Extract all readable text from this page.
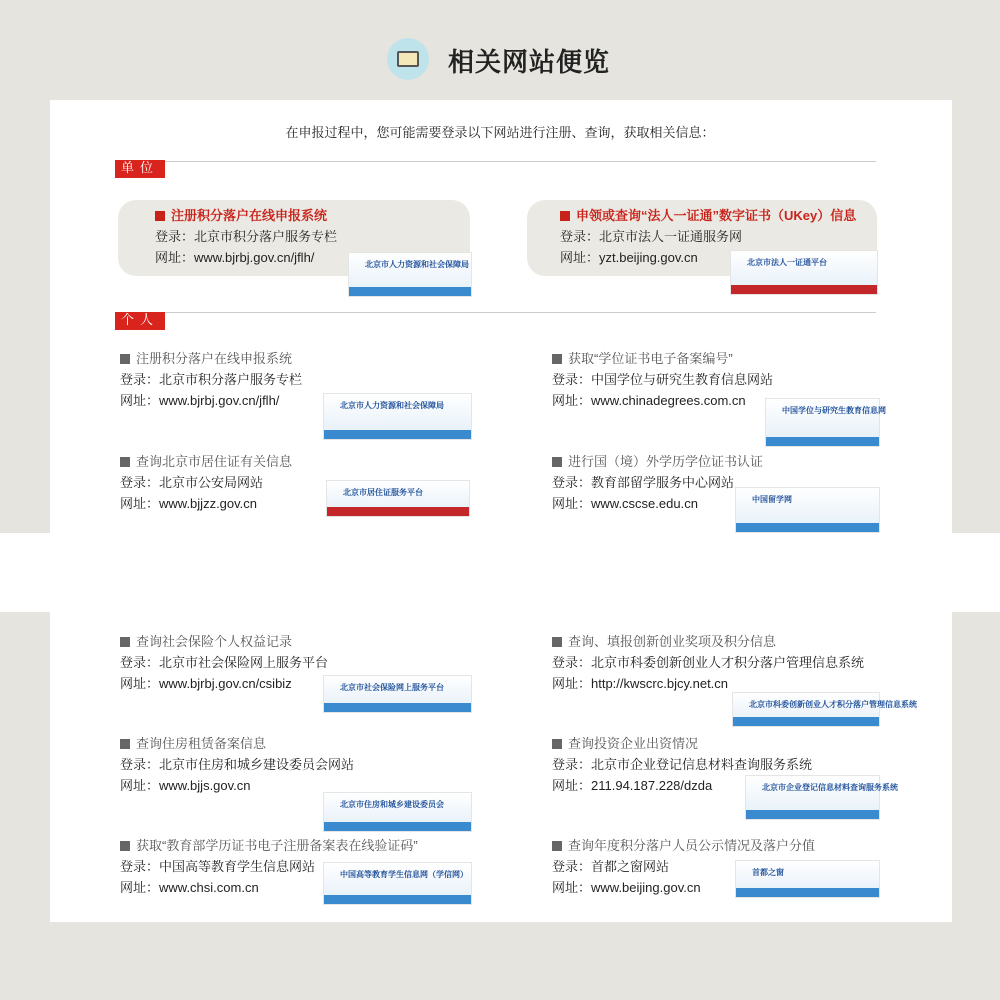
相关网站便览
在申报过程中，您可能需要登录以下网站进行注册、查询，获取相关信息：
单位
个人
北京市人力资源和社会保障局
注册积分落户在线申报系统
登录：北京市积分落户服务专栏
网址：www.bjrbj.gov.cn/jflh/	北京市法人一证通平台
申领或查询“法人一证通”数字证书（UKey）信息
登录：北京市法人一证通服务网
网址：yzt.beijing.gov.cn
北京市人力资源和社会保障局
注册积分落户在线申报系统
登录：北京市积分落户服务专栏
网址：www.bjrbj.gov.cn/jflh/
中国学位与研究生教育信息网
获取“学位证书电子备案编号”
登录：中国学位与研究生教育信息网站
网址：www.chinadegrees.com.cn
北京市居住证服务平台
查询北京市居住证有关信息
登录：北京市公安局网站
网址：www.bjjzz.gov.cn	中国留学网
进行国（境）外学历学位证书认证
登录：教育部留学服务中心网站
网址：www.cscse.edu.cn
北京市社会保险网上服务平台
查询社会保险个人权益记录
登录：北京市社会保险网上服务平台
网址：www.bjrbj.gov.cn/csibiz
北京市科委创新创业人才积分落户管理信息系统
查询、填报创新创业奖项及积分信息
登录：北京市科委创新创业人才积分落户管理信息系统
网址：http://kwscrc.bjcy.net.cn
北京市住房和城乡建设委员会
查询住房租赁备案信息
登录：北京市住房和城乡建设委员会网站
网址：www.bjjs.gov.cn	北京市企业登记信息材料查询服务系统
查询投资企业出资情况
登录：北京市企业登记信息材料查询服务系统
网址：211.94.187.228/dzda
中国高等教育学生信息网（学信网）
获取“教育部学历证书电子注册备案表在线验证码”
登录：中国高等教育学生信息网站
网址：www.chsi.com.cn
首都之窗
查询年度积分落户人员公示情况及落户分值
登录：首都之窗网站
网址：www.beijing.gov.cn
